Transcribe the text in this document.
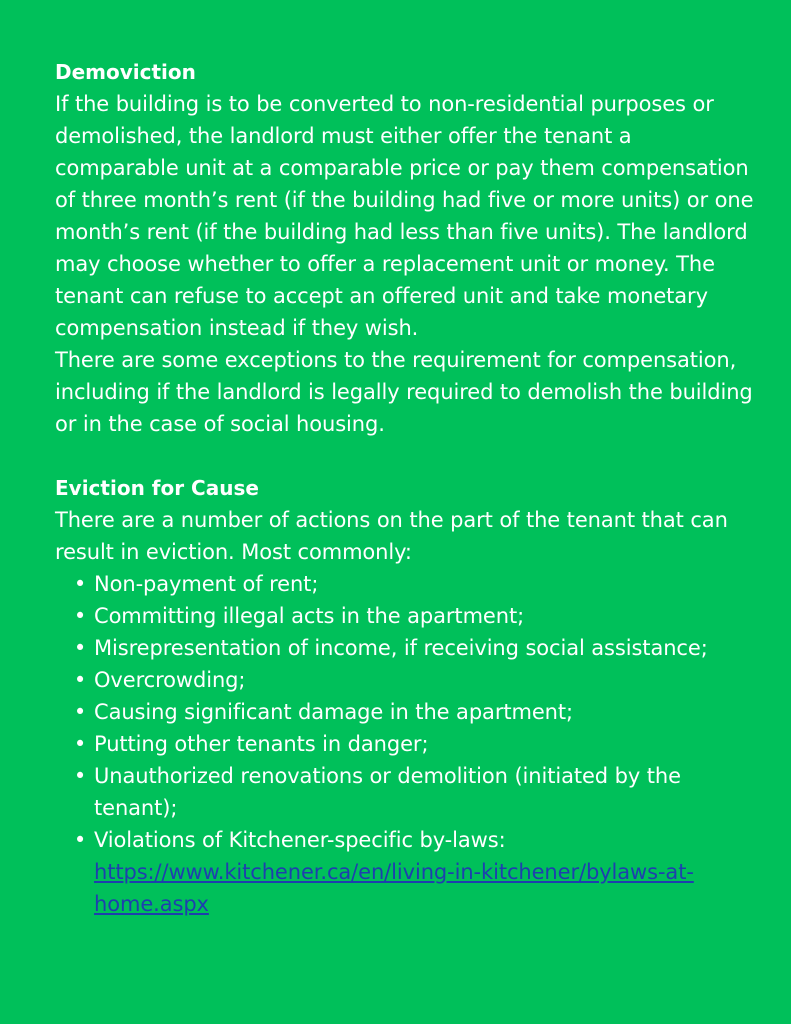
Demoviction

If the building is to be converted to non-residential purposes or demolished, the landlord must either offer the tenant a comparable unit at a comparable price or pay them compensation of three month’s rent (if the building had five or more units) or one month’s rent (if the building had less than five units). The landlord may choose whether to offer a replacement unit or money. The tenant can refuse to accept an offered unit and take monetary compensation instead if they wish.

There are some exceptions to the requirement for compensation, including if the landlord is legally required to demolish the building or in the case of social housing.

Eviction for Cause

There are a number of actions on the part of the tenant that can result in eviction. Most commonly:

• Non-payment of rent;
• Committing illegal acts in the apartment;
• Misrepresentation of income, if receiving social assistance;
• Overcrowding;
• Causing significant damage in the apartment;
• Putting other tenants in danger;
• Unauthorized renovations or demolition (initiated by the tenant);
• Violations of Kitchener-specific by-laws:
https://www.kitchener.ca/en/living-in-kitchener/bylaws-at-home.aspx
